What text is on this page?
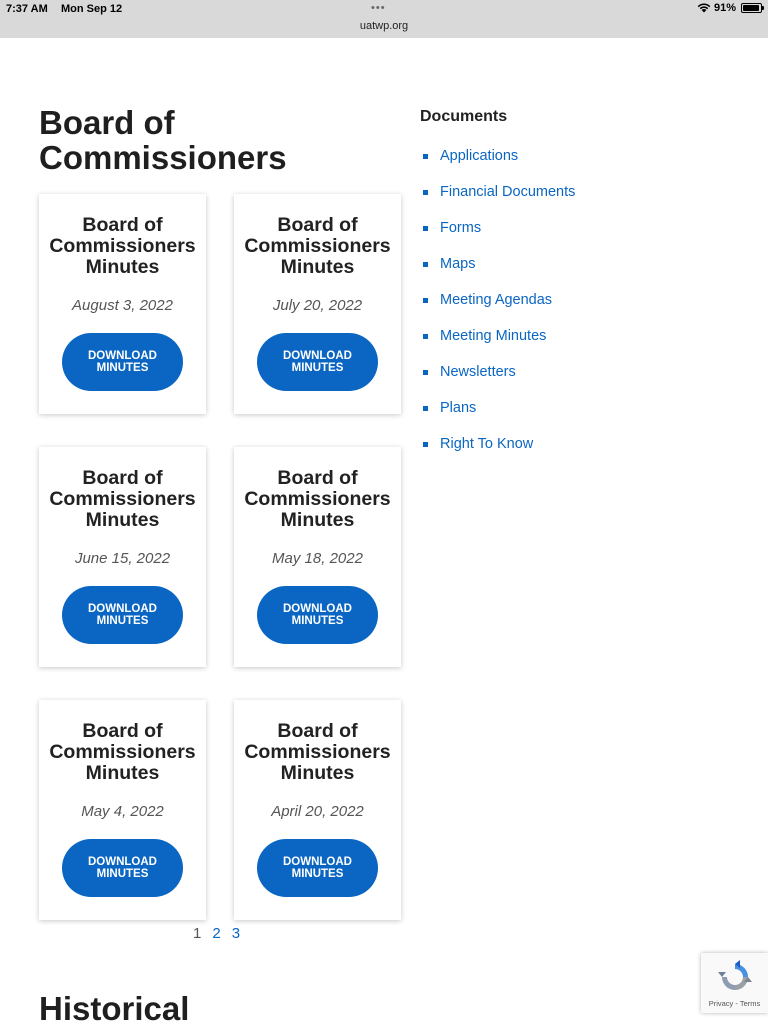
7:37 AM Mon Sep 12	•••
uatwp.org
91%
Board of Commissioners
Board of
Commissioners
Minutes
August 3, 2022
DOWNLOAD
MINUTES
Board of
Commissioners
Minutes
July 20, 2022
DOWNLOAD
MINUTES
Board of
Commissioners
Minutes
June 15, 2022
DOWNLOAD
MINUTES
Board of
Commissioners
Minutes
May 18, 2022
DOWNLOAD
MINUTES
Board of
Commissioners
Minutes
May 4, 2022
DOWNLOAD
MINUTES
Board of
Commissioners
Minutes
April 20, 2022
DOWNLOAD
MINUTES
1 2 3
Documents
Applications
Financial Documents
Forms
Maps
Meeting Agendas
Meeting Minutes
Newsletters
Plans
Right To Know
Historical	Privacy - Terms
